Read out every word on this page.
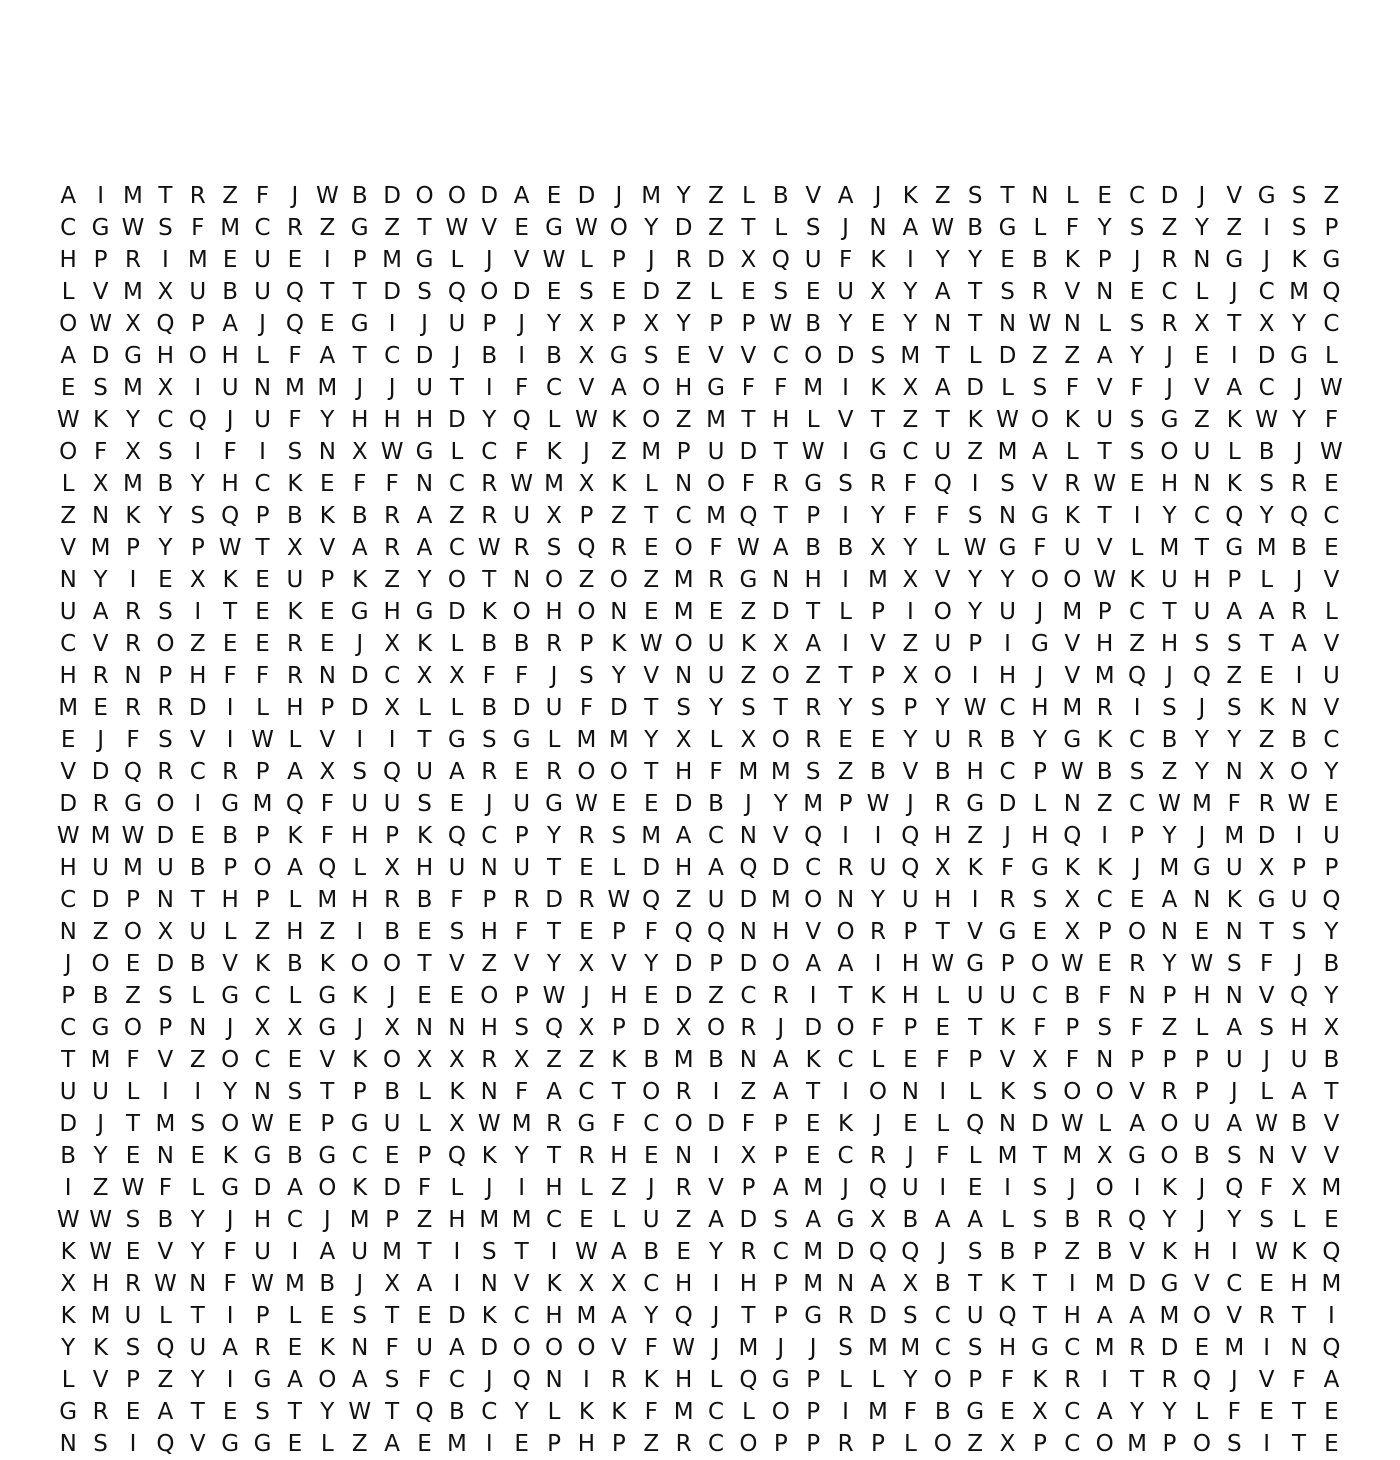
A I M T R Z F J W B D O O D A E D J M Y Z L B V A J K Z S T N L E C D J V G S Z
C G W S F M C R Z G Z T W V E G W O Y D Z T L S J N A W B G L F Y S Z Y Z I S P
H P R I M E U E I P M G L J V W L P J R D X Q U F K I Y Y E B K P J R N G J K G
L V M X U B U Q T T D S Q O D E S E D Z L E S E U X Y A T S R V N E C L J C M Q
O W X Q P A J Q E G I	J U P J Y X P X Y P P W B Y E Y N T N W N L S R X T X Y C
A D G H O H L F A T C D J B I B X G S E V V C O D S M T L D Z Z A Y J E I D G L
E S M X I U N M M J	J U T I F C V A O H G F F M I K X A D L S F V F J V A C J W
W K Y C Q J U F Y H H H D Y Q L W K O Z M T H L V T Z T K W O K U S G Z K W Y F
O F X S I F I S N X W G L C F K J Z M P U D T W I G C U Z M A L T S O U L B J W
L X M B Y H C K E F F N C R W M X K L N O F R G S R F Q I S V R W E H N K S R E
Z N K Y S Q P B K B R A Z R U X P Z T C M Q T P I Y F F S N G K T I Y C Q Y Q C
V M P Y P W T X V A R A C W R S Q R E O F W A B B X Y L W G F U V L M T G M B E
N Y I E X K E U P K Z Y O T N O Z O Z M R G N H I M X V Y Y O O W K U H P L J V
U A R S I T E K E G H G D K O H O N E M E Z D T L P I O Y U J M P C T U A A R L
C V R O Z E E R E J X K L B B R P K W O U K X A I V Z U P I G V H Z H S S T A V
H R N P H F F R N D C X X F F J S Y V N U Z O Z T P X O I H J V M Q J Q Z E I U
M E R R D I L H P D X L L B D U F D T S Y S T R Y S P Y W C H M R I S J S K N V
E J F S V I W L V I	I T G S G L M M Y X L X O R E E Y U R B Y G K C B Y Y Z B C
V D Q R C R P A X S Q U A R E R O O T H F M M S Z B V B H C P W B S Z Y N X O Y
D R G O I G M Q F U U S E J U G W E E D B J Y M P W J R G D L N Z C W M F R W E
W M W D E B P K F H P K Q C P Y R S M A C N V Q I	I Q H Z J H Q I P Y J M D I U
H U M U B P O A Q L X H U N U T E L D H A Q D C R U Q X K F G K K J M G U X P P
C D P N T H P L M H R B F P R D R W Q Z U D M O N Y U H I R S X C E A N K G U Q
N Z O X U L Z H Z I B E S H F T E P F Q Q N H V O R P T V G E X P O N E N T S Y
J O E D B V K B K O O T V Z V Y X V Y D P D O A A I H W G P O W E R Y W S F J B
P B Z S L G C L G K J E E O P W J H E D Z C R I T K H L U U C B F N P H N V Q Y
C G O P N J X X G J X N N H S Q X P D X O R J D O F P E T K F P S F Z L A S H X
T M F V Z O C E V K O X X R X Z Z K B M B N A K C L E F P V X F N P P P U J U B
U U L I	I Y N S T P B L K N F A C T O R I Z A T I O N I L K S O O V R P J L A T
D J T M S O W E P G U L X W M R G F C O D F P E K J E L Q N D W L A O U A W B V
B Y E N E K G B G C E P Q K Y T R H E N I X P E C R J F L M T M X G O B S N V V
I Z W F L G D A O K D F L J	I H L Z J R V P A M J Q U I E I S J O I K J Q F X M
W W S B Y J H C J M P Z H M M C E L U Z A D S A G X B A A L S B R Q Y J Y S L E
K W E V Y F U I A U M T I S T I W A B E Y R C M D Q Q J S B P Z B V K H I W K Q
X H R W N F W M B J X A I N V K X X C H I H P M N A X B T K T I M D G V C E H M
K M U L T I P L E S T E D K C H M A Y Q J T P G R D S C U Q T H A A M O V R T I
Y K S Q U A R E K N F U A D O O O V F W J M J	J S M M C S H G C M R D E M I N Q
L V P Z Y I G A O A S F C J Q N I R K H L Q G P L L Y O P F K R I T R Q J V F A
G R E A T E S T Y W T Q B C Y L K K F M C L O P I M F B G E X C A Y Y L F E T E
N S I Q V G G E L Z A E M I E P H P Z R C O P P R P L O Z X P C O M P O S I T E
